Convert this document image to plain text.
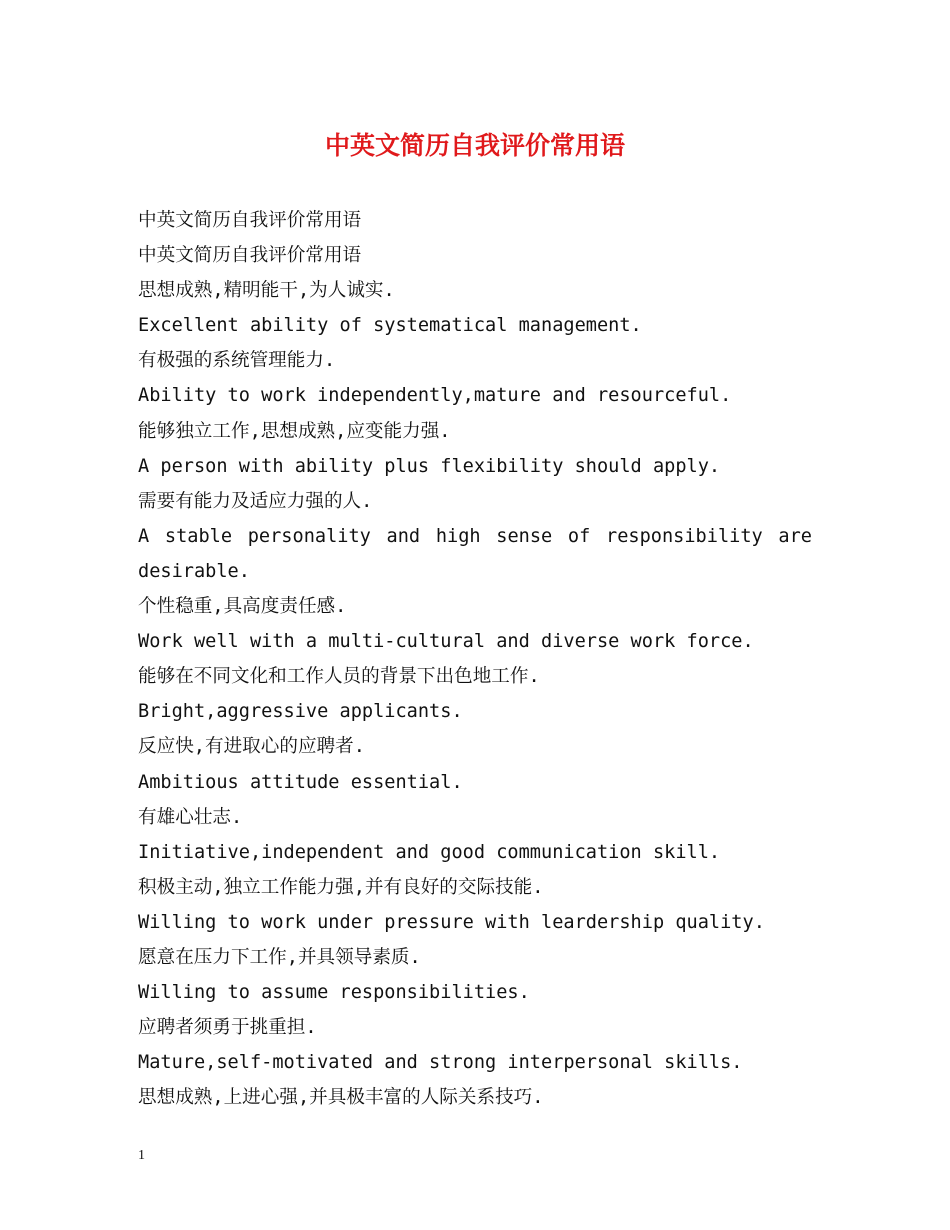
中英文简历自我评价常用语
中英文简历自我评价常用语
中英文简历自我评价常用语
思想成熟,精明能干,为人诚实.
Excellent ability of systematical management.
有极强的系统管理能力.
Ability to work independently,mature and resourceful.
能够独立工作,思想成熟,应变能力强.
A person with ability plus flexibility should apply.
需要有能力及适应力强的人.
A stable personality and high sense of responsibility are
desirable.
个性稳重,具高度责任感.
Work well with a multi-cultural and diverse work force.
能够在不同文化和工作人员的背景下出色地工作.
Bright,aggressive applicants.
反应快,有进取心的应聘者.
Ambitious attitude essential.
有雄心壮志.
Initiative,independent and good communication skill.
积极主动,独立工作能力强,并有良好的交际技能.
Willing to work under pressure with leardership quality.
愿意在压力下工作,并具领导素质.
Willing to assume responsibilities.
应聘者须勇于挑重担.
Mature,self-motivated and strong interpersonal skills.
思想成熟,上进心强,并具极丰富的人际关系技巧.
1
